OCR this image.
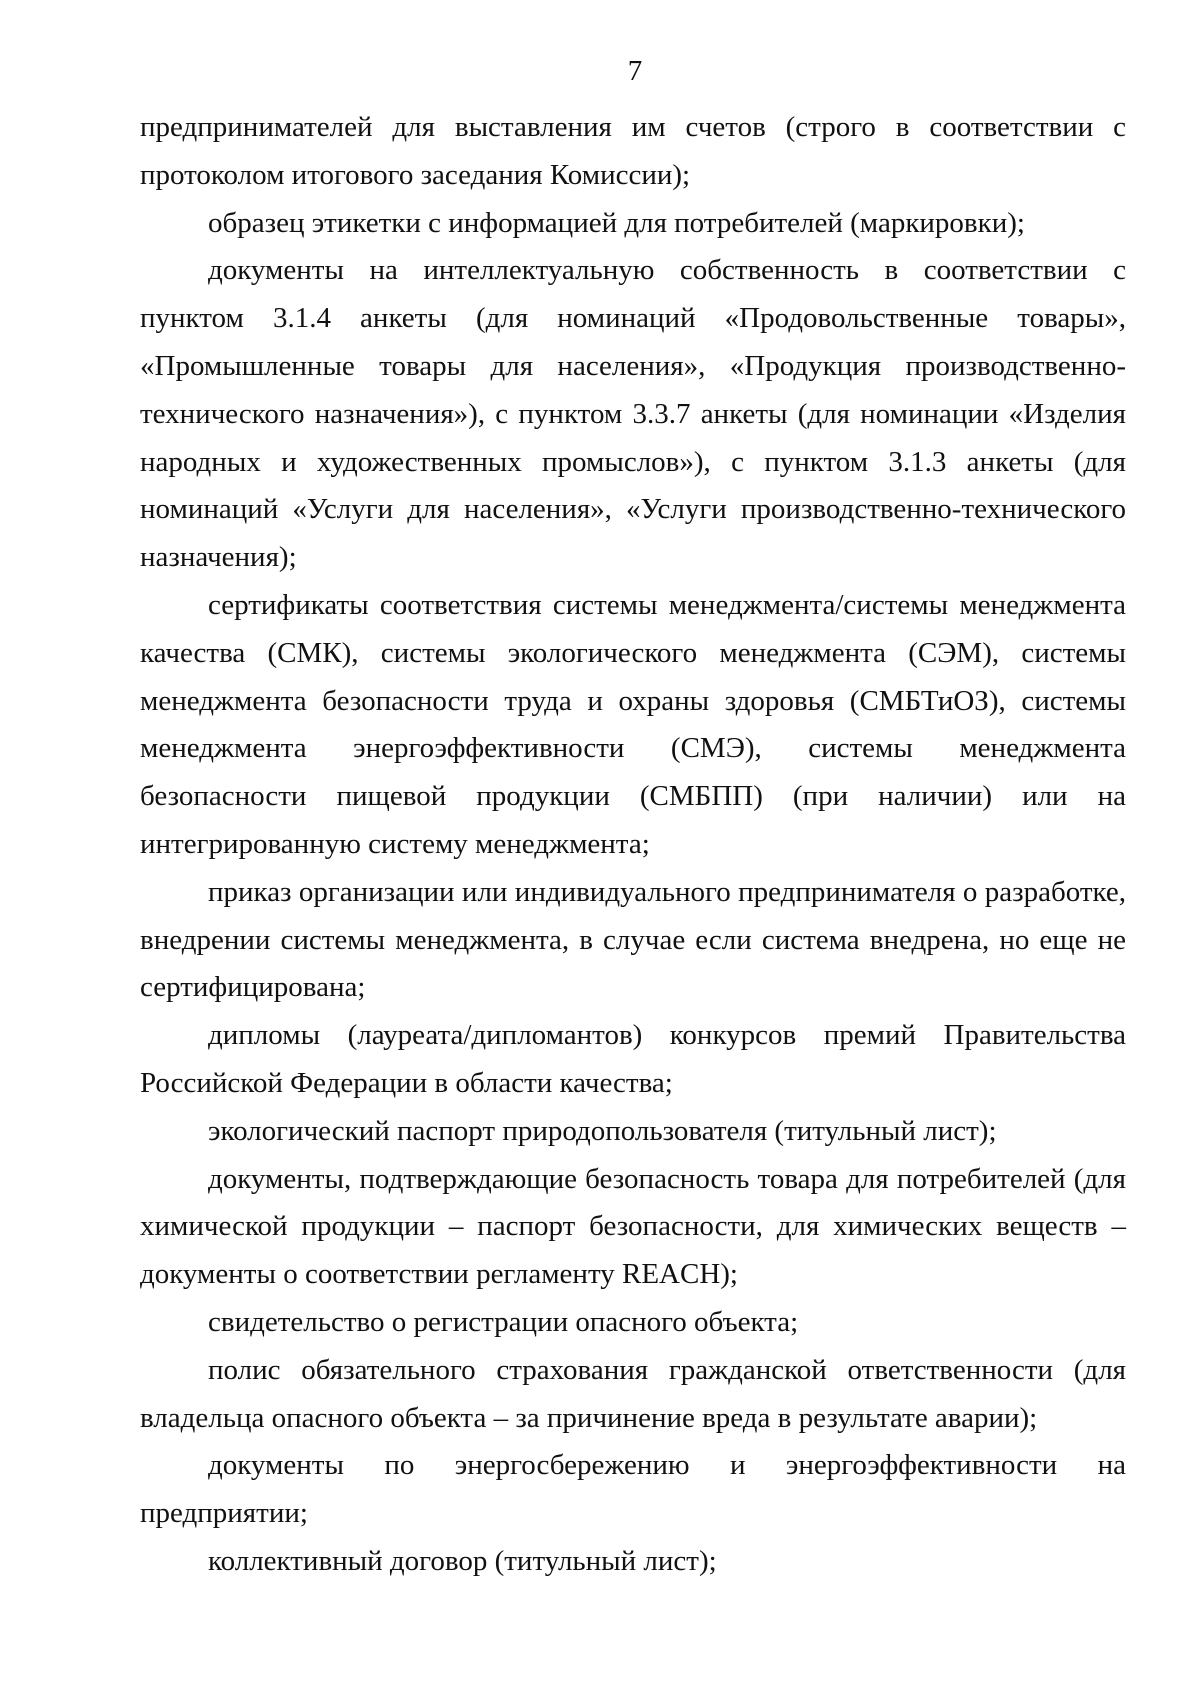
7

предпринимателей для выставления им счетов (строго в соответствии с протоколом итогового заседания Комиссии);

образец этикетки с информацией для потребителей (маркировки);

документы на интеллектуальную собственность в соответствии с пунктом 3.1.4 анкеты (для номинаций «Продовольственные товары», «Промышленные товары для населения», «Продукция производственно-технического назначения»), с пунктом 3.3.7 анкеты (для номинации «Изделия народных и художественных промыслов»), с пунктом 3.1.3 анкеты (для номинаций «Услуги для населения», «Услуги производственно-технического назначения);

сертификаты соответствия системы менеджмента/системы менеджмента качества (СМК), системы экологического менеджмента (СЭМ), системы менеджмента безопасности труда и охраны здоровья (СМБТиОЗ), системы менеджмента энергоэффективности (СМЭ), системы менеджмента безопасности пищевой продукции (СМБПП) (при наличии) или на интегрированную систему менеджмента;

приказ организации или индивидуального предпринимателя о разработке, внедрении системы менеджмента, в случае если система внедрена, но еще не сертифицирована;

дипломы (лауреата/дипломантов) конкурсов премий Правительства Российской Федерации в области качества;

экологический паспорт природопользователя (титульный лист);

документы, подтверждающие безопасность товара для потребителей (для химической продукции – паспорт безопасности, для химических веществ – документы о соответствии регламенту REACH);

свидетельство о регистрации опасного объекта;

полис обязательного страхования гражданской ответственности (для владельца опасного объекта – за причинение вреда в результате аварии);

документы по энергосбережению и энергоэффективности на предприятии;

коллективный договор (титульный лист);
